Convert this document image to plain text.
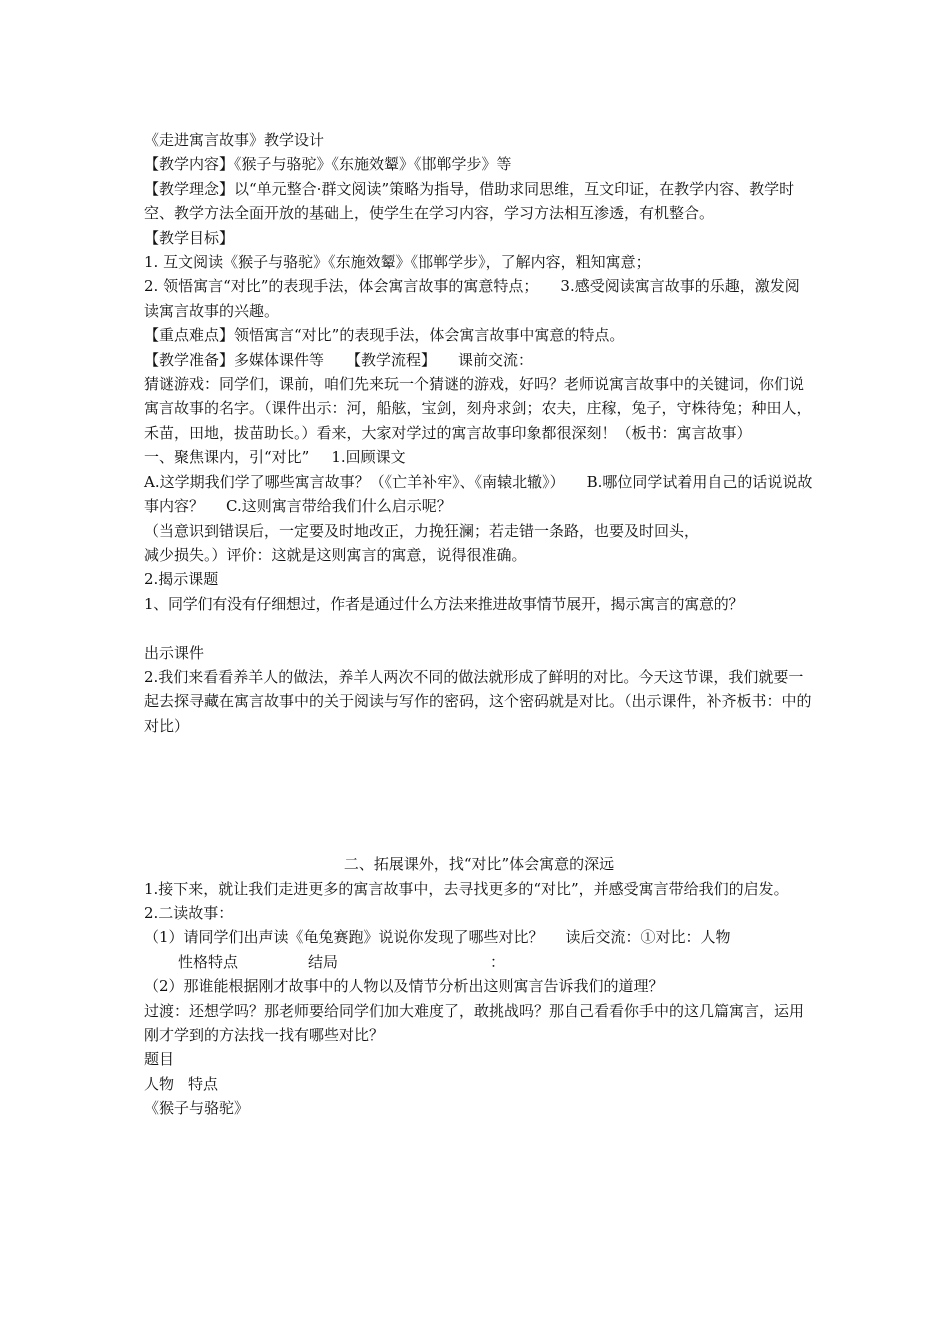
《走进寓言故事》教学设计
【教学内容】《猴子与骆驼》《东施效颦》《邯郸学步》等
【教学理念】以“单元整合·群文阅读”策略为指导，借助求同思维，互文印证，在教学内容、教学时空、教学方法全面开放的基础上，使学生在学习内容，学习方法相互渗透，有机整合。
【教学目标】
1. 互文阅读《猴子与骆驼》《东施效颦》《邯郸学步》，了解内容，粗知寓意；
2. 领悟寓言“对比”的表现手法，体会寓言故事的寓意特点； 3.感受阅读寓言故事的乐趣，激发阅读寓言故事的兴趣。
【重点难点】领悟寓言“对比”的表现手法，体会寓言故事中寓意的特点。
【教学准备】多媒体课件等 【教学流程】 课前交流：
猜谜游戏：同学们，课前，咱们先来玩一个猜谜的游戏，好吗？老师说寓言故事中的关键词，你们说寓言故事的名字。（课件出示：河，船舷，宝剑，刻舟求剑；农夫，庄稼，兔子，守株待兔；种田人，禾苗，田地，拔苗助长。）看来，大家对学过的寓言故事印象都很深刻！（板书：寓言故事）
一、聚焦课内，引“对比” 1.回顾课文
A.这学期我们学了哪些寓言故事？（《亡羊补牢》、《南辕北辙》） B.哪位同学试着用自己的话说说故事内容？ C.这则寓言带给我们什么启示呢？
（当意识到错误后，一定要及时地改正，力挽狂澜；若走错一条路，也要及时回头，
减少损失。）评价：这就是这则寓言的寓意，说得很准确。
2.揭示课题
1、同学们有没有仔细想过，作者是通过什么方法来推进故事情节展开，揭示寓言的寓意的？
出示课件
2.我们来看看养羊人的做法，养羊人两次不同的做法就形成了鲜明的对比。今天这节课，我们就要一起去探寻藏在寓言故事中的关于阅读与写作的密码，这个密码就是对比。（出示课件，补齐板书：中的对比）
二、拓展课外，找“对比”体会寓意的深远
1.接下来，就让我们走进更多的寓言故事中，去寻找更多的“对比”，并感受寓言带给我们的启发。
2.二读故事：
（1）请同学们出声读《龟兔赛跑》说说你发现了哪些对比？ 读后交流：①对比：人物
性格特点	结局	：
（2）那谁能根据刚才故事中的人物以及情节分析出这则寓言告诉我们的道理？
过渡：还想学吗？那老师要给同学们加大难度了，敢挑战吗？那自己看看你手中的这几篇寓言，运用刚才学到的方法找一找有哪些对比？
题目
人物 特点
《猴子与骆驼》
